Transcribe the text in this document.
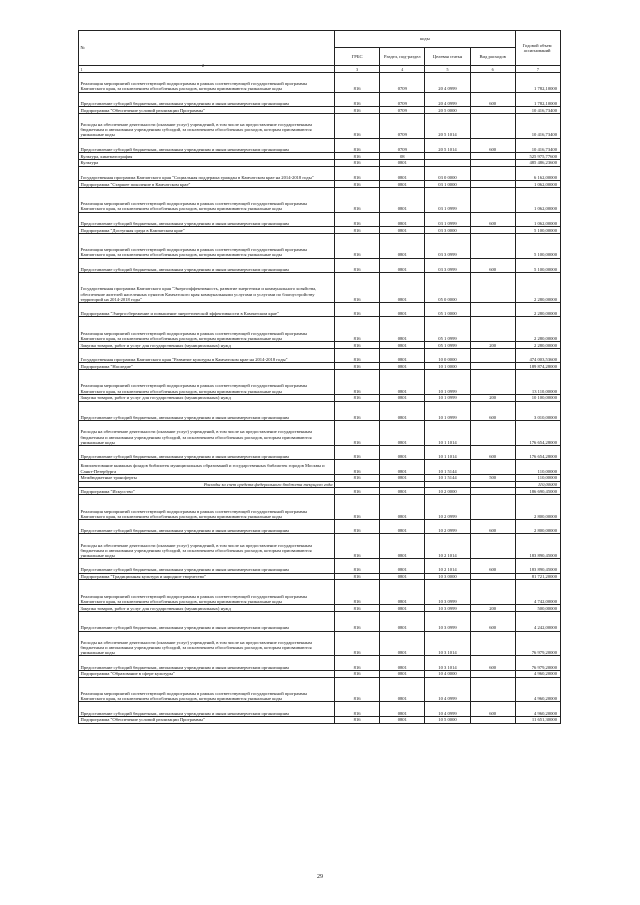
№	коды				Годовой объем ассигнований
	ГРБС	Раздел, под-раздел	Целевая статья	Вид расходов	
1	3	4	5	6	7
Реализация мероприятий соответствующей подпрограммы в рамках соответствующей государственной программы Камчатского края, за исключением обособленных расходов, которым присваиваются уникальные коды	816	0709	20 4 0999		1 782,10000
Предоставление субсидий бюджетным, автономным учреждениям и иным некоммерческим организациям	816	0709	20 4 0999	600	1 782,10000
Подпрограмма "Обеспечение условий реализации Программы"	816	0709	20 5 0000		10 416,73400
Расходы на обеспечение деятельности (оказание услуг) учреждений, в том числе на предоставление государственным бюджетным и автономным учреждениям субсидий, за исключением обособленных расходов, которым присваиваются уникальные коды	816	0709	20 5 1014		10 416,73400
Предоставление субсидий бюджетным, автономным учреждениям и иным некоммерческим организациям	816	0709	20 5 1014	600	10 416,73400
Культура, кинематография	816	08			525 975,77600
Культура	816	0801			485 486,23600
Государственная программа Камчатского края "Социальная поддержка граждан в Камчатском крае на 2014-2018 годы"	816	0801	03 0 0000		6 162,00000
Подпрограмма "Старшее поколение в Камчатском крае"	816	0801	03 1 0000		1 062,00000
Реализация мероприятий соответствующей подпрограммы в рамках соответствующей государственной программы Камчатского края, за исключением обособленных расходов, которым присваиваются уникальные коды	816	0801	03 1 0999		1 062,00000
Предоставление субсидий бюджетным, автономным учреждениям и иным некоммерческим организациям	816	0801	03 1 0999	600	1 062,00000
Подпрограмма "Доступная среда в Камчатском крае"	816	0801	03 3 0000		5 100,00000
Реализация мероприятий соответствующей подпрограммы в рамках соответствующей государственной программы Камчатского края, за исключением обособленных расходов, которым присваиваются уникальные коды	816	0801	03 3 0999		5 100,00000
Предоставление субсидий бюджетным, автономным учреждениям и иным некоммерческим организациям	816	0801	03 3 0999	600	5 100,00000
Государственная программа Камчатского края "Энергоэффективность, развитие энергетики и коммунального хозяйства, обеспечение жителей населенных пунктов Камчатского края коммунальными услугами и услугами по благоустройству территорий на 2014-2018 годы"	816	0801	05 0 0000		2 280,00000
Подпрограмма "Энергосбережение и повышение энергетической эффективности в Камчатском крае"	816	0801	05 1 0000		2 280,00000
Реализация мероприятий соответствующей подпрограммы в рамках соответствующей государственной программы Камчатского края, за исключением обособленных расходов, которым присваиваются уникальные коды	816	0801	05 1 0999		2 280,00000
Закупка товаров, работ и услуг для государственных (муниципальных) нужд	816	0801	05 1 0999	200	2 280,00000
Государственная программа Камчатского края "Развитие культуры в Камчатском крае на 2014-2018 годы"	816	0801	10 0 0000		474 003,53600
Подпрограмма "Наследие"	816	0801	10 1 0000		189 874,28000
Реализация мероприятий соответствующей подпрограммы в рамках соответствующей государственной программы Камчатского края, за исключением обособленных расходов, которым присваиваются уникальные коды	816	0801	10 1 0999		13 110,00000
Закупка товаров, работ и услуг для государственных (муниципальных) нужд	816	0801	10 1 0999	200	10 100,00000
Предоставление субсидий бюджетным, автономным учреждениям и иным некоммерческим организациям	816	0801	10 1 0999	600	3 010,00000
Расходы на обеспечение деятельности (оказание услуг) учреждений, в том числе на предоставление государственным бюджетным и автономным учреждениям субсидий, за исключением обособленных расходов, которым присваиваются уникальные коды	816	0801	10 1 1014		176 654,28000
Предоставление субсидий бюджетным, автономным учреждениям и иным некоммерческим организациям	816	0801	10 1 1014	600	176 654,28000
Комплектование книжных фондов библиотек муниципальных образований и государственных библиотек городов Москвы и Санкт-Петербурга	816	0801	10 1 5144		110,00000
Межбюджетные трансферты	816	0801	10 1 5144	500	110,00000
Расходы за счет средств федерального бюджета текущего года					110,00000
Подпрограмма "Искусство"	816	0801	10 2 0000		186 690,45000
Реализация мероприятий соответствующей подпрограммы в рамках соответствующей государственной программы Камчатского края, за исключением обособленных расходов, которым присваиваются уникальные коды	816	0801	10 2 0999		2 800,00000
Предоставление субсидий бюджетным, автономным учреждениям и иным некоммерческим организациям	816	0801	10 2 0999	600	2 800,00000
Расходы на обеспечение деятельности (оказание услуг) учреждений, в том числе на предоставление государственным бюджетным и автономным учреждениям субсидий, за исключением обособленных расходов, которым присваиваются уникальные коды	816	0801	10 2 1014		183 890,45000
Предоставление субсидий бюджетным, автономным учреждениям и иным некоммерческим организациям	816	0801	10 2 1014	600	183 890,45000
Подпрограмма "Традиционная культура и народное творчество"	816	0801	10 3 0000		81 721,20000
Реализация мероприятий соответствующей подпрограммы в рамках соответствующей государственной программы Камчатского края, за исключением обособленных расходов, которым присваиваются уникальные коды	816	0801	10 3 0999		4 742,00000
Закупка товаров, работ и услуг для государственных (муниципальных) нужд	816	0801	10 3 0999	200	500,00000
Предоставление субсидий бюджетным, автономным учреждениям и иным некоммерческим организациям	816	0801	10 3 0999	600	4 242,00000
Расходы на обеспечение деятельности (оказание услуг) учреждений, в том числе на предоставление государственным бюджетным и автономным учреждениям субсидий, за исключением обособленных расходов, которым присваиваются уникальные коды	816	0801	10 3 1014		76 979,20000
Предоставление субсидий бюджетным, автономным учреждениям и иным некоммерческим организациям	816	0801	10 3 1014	600	76 979,20000
Подпрограмма "Образование в сфере культуры"	816	0801	10 4 0000		4 960,20000
Реализация мероприятий соответствующей подпрограммы в рамках соответствующей государственной программы Камчатского края, за исключением обособленных расходов, которым присваиваются уникальные коды	816	0801	10 4 0999		4 960,20000
Предоставление субсидий бюджетным, автономным учреждениям и иным некоммерческим организациям	816	0801	10 4 0999	600	4 960,20000
Подпрограмма "Обеспечение условий реализации Программы"	816	0801	10 5 0000		11 651,30000
2
29
